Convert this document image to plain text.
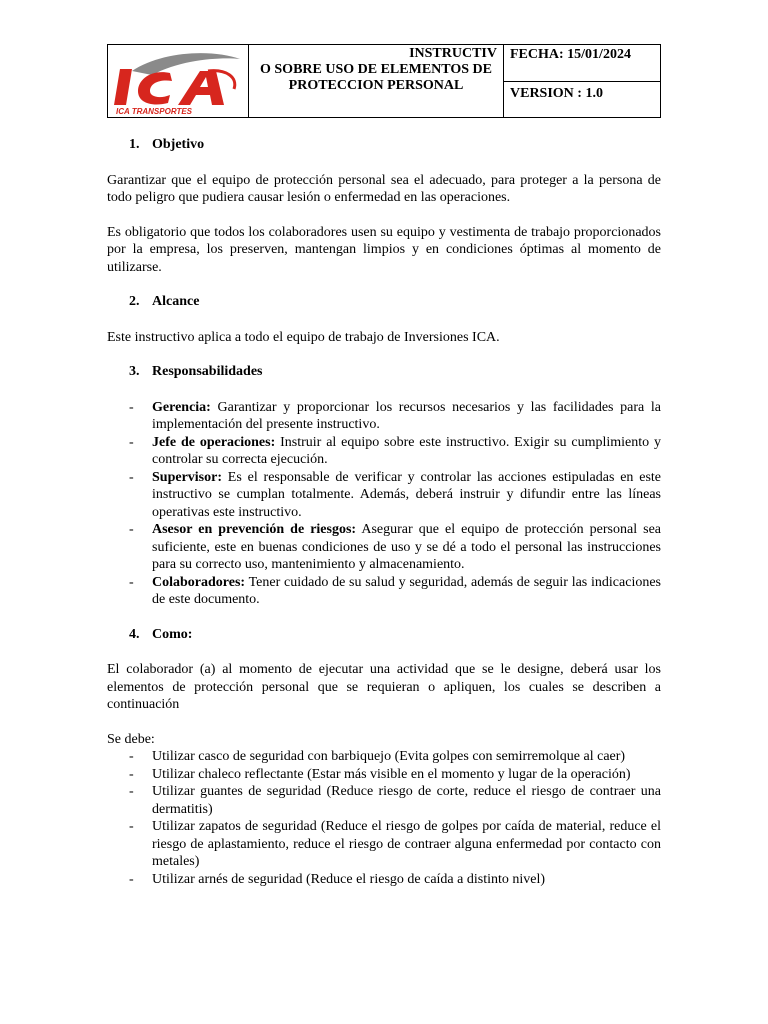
ICA TRANSPORTES

INSTRUCTIV
O SOBRE USO DE ELEMENTOS DE
PROTECCION PERSONAL

FECHA: 15/01/2024

VERSION : 1.0
1. Objetivo

Garantizar que el equipo de protección personal sea el adecuado, para proteger a la persona de todo peligro que pudiera causar lesión o enfermedad en las operaciones.

Es obligatorio que todos los colaboradores usen su equipo y vestimenta de trabajo proporcionados por la empresa, los preserven, mantengan limpios y en condiciones óptimas al momento de utilizarse.

2. Alcance

Este instructivo aplica a todo el equipo de trabajo de Inversiones ICA.

3. Responsabilidades
- Gerencia: Garantizar y proporcionar los recursos necesarios y las facilidades para la implementación del presente instructivo.
- Jefe de operaciones: Instruir al equipo sobre este instructivo. Exigir su cumplimiento y controlar su correcta ejecución.
- Supervisor: Es el responsable de verificar y controlar las acciones estipuladas en este instructivo se cumplan totalmente. Además, deberá instruir y difundir entre las líneas operativas este instructivo.
- Asesor en prevención de riesgos: Asegurar que el equipo de protección personal sea suficiente, este en buenas condiciones de uso y se dé a todo el personal las instrucciones para su correcto uso, mantenimiento y almacenamiento.
- Colaboradores: Tener cuidado de su salud y seguridad, además de seguir las indicaciones de este documento.
4. Como:

El colaborador (a) al momento de ejecutar una actividad que se le designe, deberá usar los elementos de protección personal que se requieran o apliquen, los cuales se describen a continuación

Se debe:

- Utilizar casco de seguridad con barbiquejo (Evita golpes con semirremolque al caer)
- Utilizar chaleco reflectante (Estar más visible en el momento y lugar de la operación)
- Utilizar guantes de seguridad (Reduce riesgo de corte, reduce el riesgo de contraer una dermatitis)
- Utilizar zapatos de seguridad (Reduce el riesgo de golpes por caída de material, reduce el riesgo de aplastamiento, reduce el riesgo de contraer alguna enfermedad por contacto con metales)
- Utilizar arnés de seguridad (Reduce el riesgo de caída a distinto nivel)
